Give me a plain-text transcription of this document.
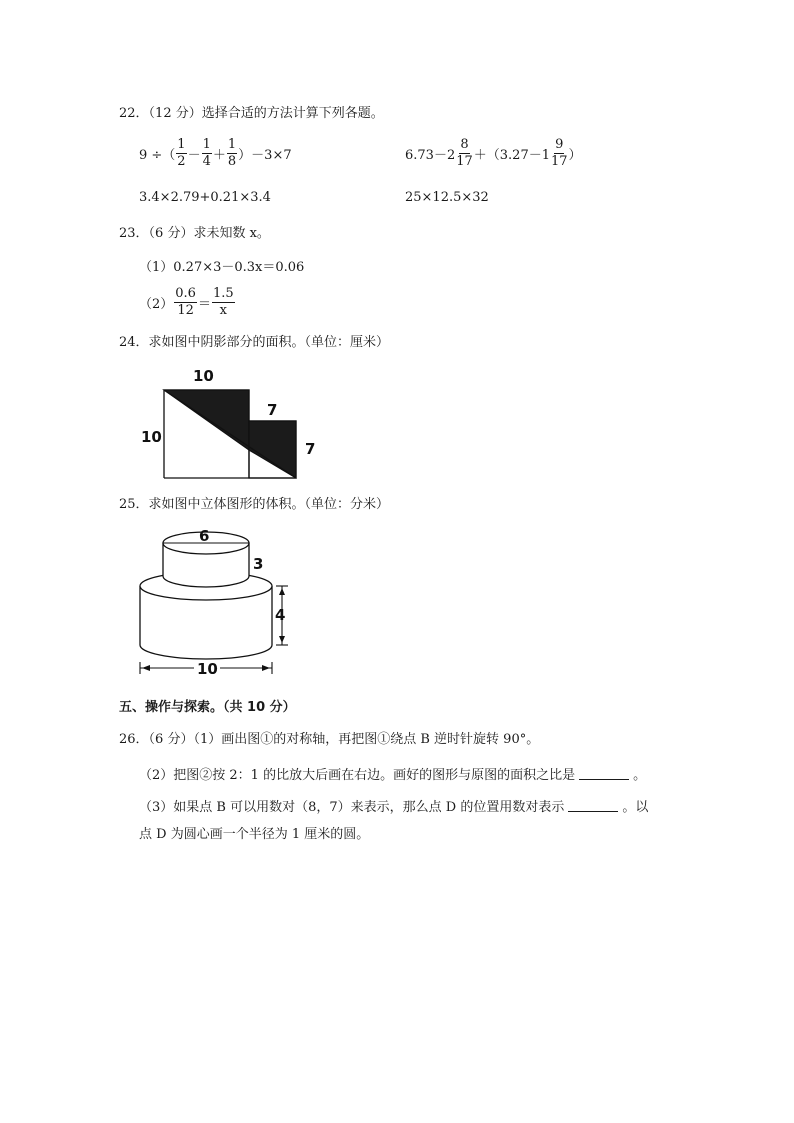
22．（12 分）选择合适的方法计算下列各题。
9 ÷（ $\frac{1}{2} - \frac{1}{4} + \frac{1}{8} )-3\times 7$	$6.73-2 \frac{8}{17} +(3.27-1 \frac{9}{17}$ ）
3.4×2.79+0.21×3.4	25×12.5×32
23．（6 分）求未知数 x。
（1）0.27×3－0.3x＝0.06
$(2) \frac{0.6}{12} = \frac{1.5}{x}$
24．求如图中阴影部分的面积。（单位：厘米）
10
10
7
7
25．求如图中立体图形的体积。（单位：分米）
6
3
4
10
五、操作与探索。（共 10 分）
26．（6 分）（1）画出图①的对称轴，再把图①绕点 B 逆时针旋转 90°。
（2）把图②按 2：1 的比放大后画在右边。画好的图形与原图的面积之比是	。
（3）如果点 B 可以用数对（8，7）来表示，那么点 D 的位置用数对表示	。以
点 D 为圆心画一个半径为 1 厘米的圆。
